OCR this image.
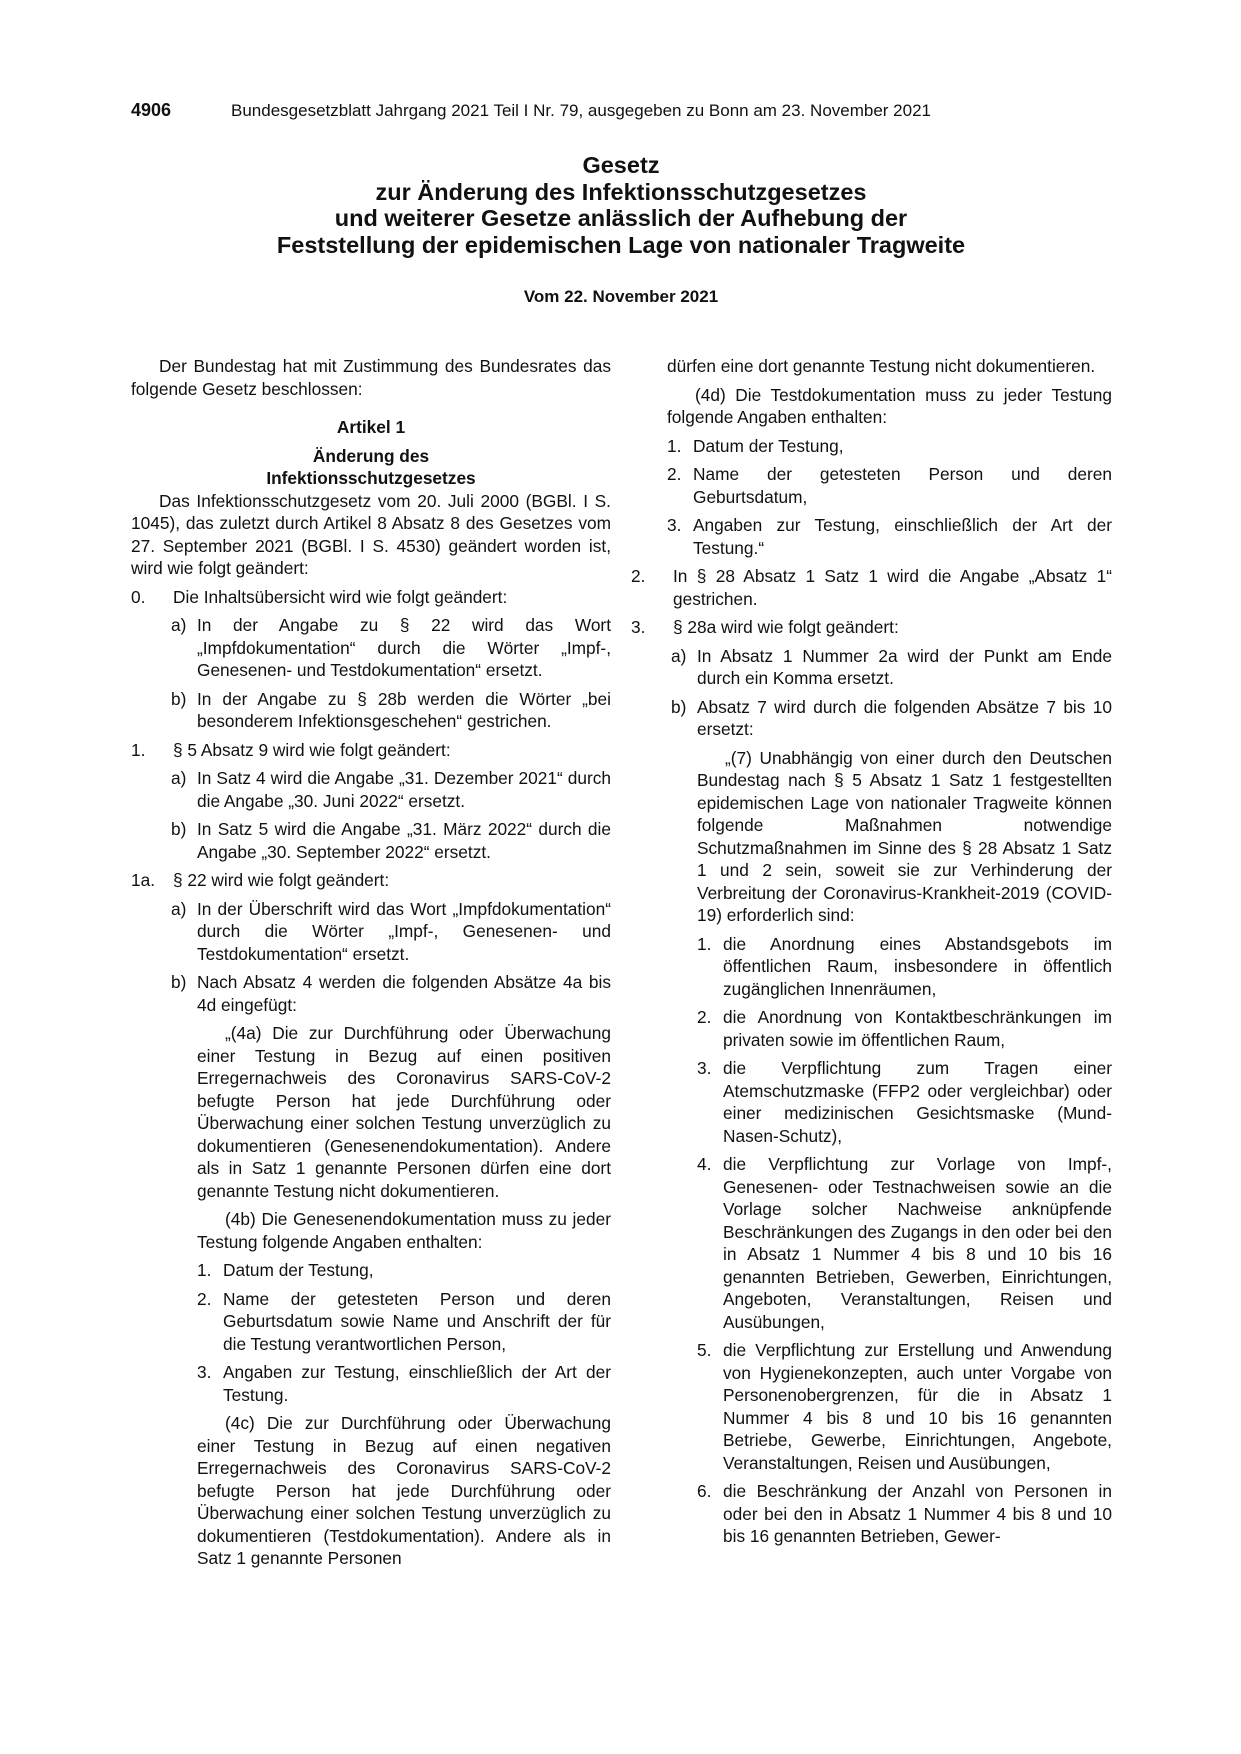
4906	Bundesgesetzblatt Jahrgang 2021 Teil I Nr. 79, ausgegeben zu Bonn am 23. November 2021
Gesetz
zur Änderung des Infektionsschutzgesetzes
und weiterer Gesetze anlässlich der Aufhebung der
Feststellung der epidemischen Lage von nationaler Tragweite
Vom 22. November 2021

Der Bundestag hat mit Zustimmung des Bundesrates das folgende Gesetz beschlossen:

Artikel 1

Änderung des

Infektionsschutzgesetzes

Das Infektionsschutzgesetz vom 20. Juli 2000 (BGBl. I S. 1045), das zuletzt durch Artikel 8 Absatz 8 des Gesetzes vom 27. September 2021 (BGBl. I S. 4530) geändert worden ist, wird wie folgt geändert:

0. Die Inhaltsübersicht wird wie folgt geändert:
a) In der Angabe zu § 22 wird das Wort „Impfdokumentation“ durch die Wörter „Impf-, Genesenen- und Testdokumentation“ ersetzt.
b) In der Angabe zu § 28b werden die Wörter „bei besonderem Infektionsgeschehen“ gestrichen.
1. § 5 Absatz 9 wird wie folgt geändert:
a) In Satz 4 wird die Angabe „31. Dezember 2021“ durch die Angabe „30. Juni 2022“ ersetzt.
b) In Satz 5 wird die Angabe „31. März 2022“ durch die Angabe „30. September 2022“ ersetzt.
1a. § 22 wird wie folgt geändert:
a) In der Überschrift wird das Wort „Impfdokumentation“ durch die Wörter „Impf-, Genesenen- und Testdokumentation“ ersetzt.
b) Nach Absatz 4 werden die folgenden Absätze 4a bis 4d eingefügt:

„(4a) Die zur Durchführung oder Überwachung einer Testung in Bezug auf einen positiven Erregernachweis des Coronavirus SARS-CoV-2 befugte Person hat jede Durchführung oder Überwachung einer solchen Testung unverzüglich zu dokumentieren (Genesenendokumentation). Andere als in Satz 1 genannte Personen dürfen eine dort genannte Testung nicht dokumentieren.

(4b) Die Genesenendokumentation muss zu jeder Testung folgende Angaben enthalten:

1. Datum der Testung,
2. Name der getesteten Person und deren Geburtsdatum sowie Name und Anschrift der für die Testung verantwortlichen Person,
3. Angaben zur Testung, einschließlich der Art der Testung.

(4c) Die zur Durchführung oder Überwachung einer Testung in Bezug auf einen negativen Erregernachweis des Coronavirus SARS-CoV-2 befugte Person hat jede Durchführung oder Überwachung einer solchen Testung unverzüglich zu dokumentieren (Testdokumentation). Andere als in Satz 1 genannte Personen

dürfen eine dort genannte Testung nicht dokumentieren.

(4d) Die Testdokumentation muss zu jeder Testung folgende Angaben enthalten:

1. Datum der Testung,
2. Name der getesteten Person und deren Geburtsdatum,
3. Angaben zur Testung, einschließlich der Art der Testung.“
2. In § 28 Absatz 1 Satz 1 wird die Angabe „Absatz 1“ gestrichen.
3. § 28a wird wie folgt geändert:
a) In Absatz 1 Nummer 2a wird der Punkt am Ende durch ein Komma ersetzt.
b) Absatz 7 wird durch die folgenden Absätze 7 bis 10 ersetzt:

„(7) Unabhängig von einer durch den Deutschen Bundestag nach § 5 Absatz 1 Satz 1 festgestellten epidemischen Lage von nationaler Tragweite können folgende Maßnahmen notwendige Schutzmaßnahmen im Sinne des § 28 Absatz 1 Satz 1 und 2 sein, soweit sie zur Verhinderung der Verbreitung der Coronavirus-Krankheit-2019 (COVID-19) erforderlich sind:

1. die Anordnung eines Abstandsgebots im öffentlichen Raum, insbesondere in öffentlich zugänglichen Innenräumen,
2. die Anordnung von Kontaktbeschränkungen im privaten sowie im öffentlichen Raum,
3. die Verpflichtung zum Tragen einer Atemschutzmaske (FFP2 oder vergleichbar) oder einer medizinischen Gesichtsmaske (Mund-Nasen-Schutz),
4. die Verpflichtung zur Vorlage von Impf-, Genesenen- oder Testnachweisen sowie an die Vorlage solcher Nachweise anknüpfende Beschränkungen des Zugangs in den oder bei den in Absatz 1 Nummer 4 bis 8 und 10 bis 16 genannten Betrieben, Gewerben, Einrichtungen, Angeboten, Veranstaltungen, Reisen und Ausübungen,
5. die Verpflichtung zur Erstellung und Anwendung von Hygienekonzepten, auch unter Vorgabe von Personenobergrenzen, für die in Absatz 1 Nummer 4 bis 8 und 10 bis 16 genannten Betriebe, Gewerbe, Einrichtungen, Angebote, Veranstaltungen, Reisen und Ausübungen,
6. die Beschränkung der Anzahl von Personen in oder bei den in Absatz 1 Nummer 4 bis 8 und 10 bis 16 genannten Betrieben, Gewer-
